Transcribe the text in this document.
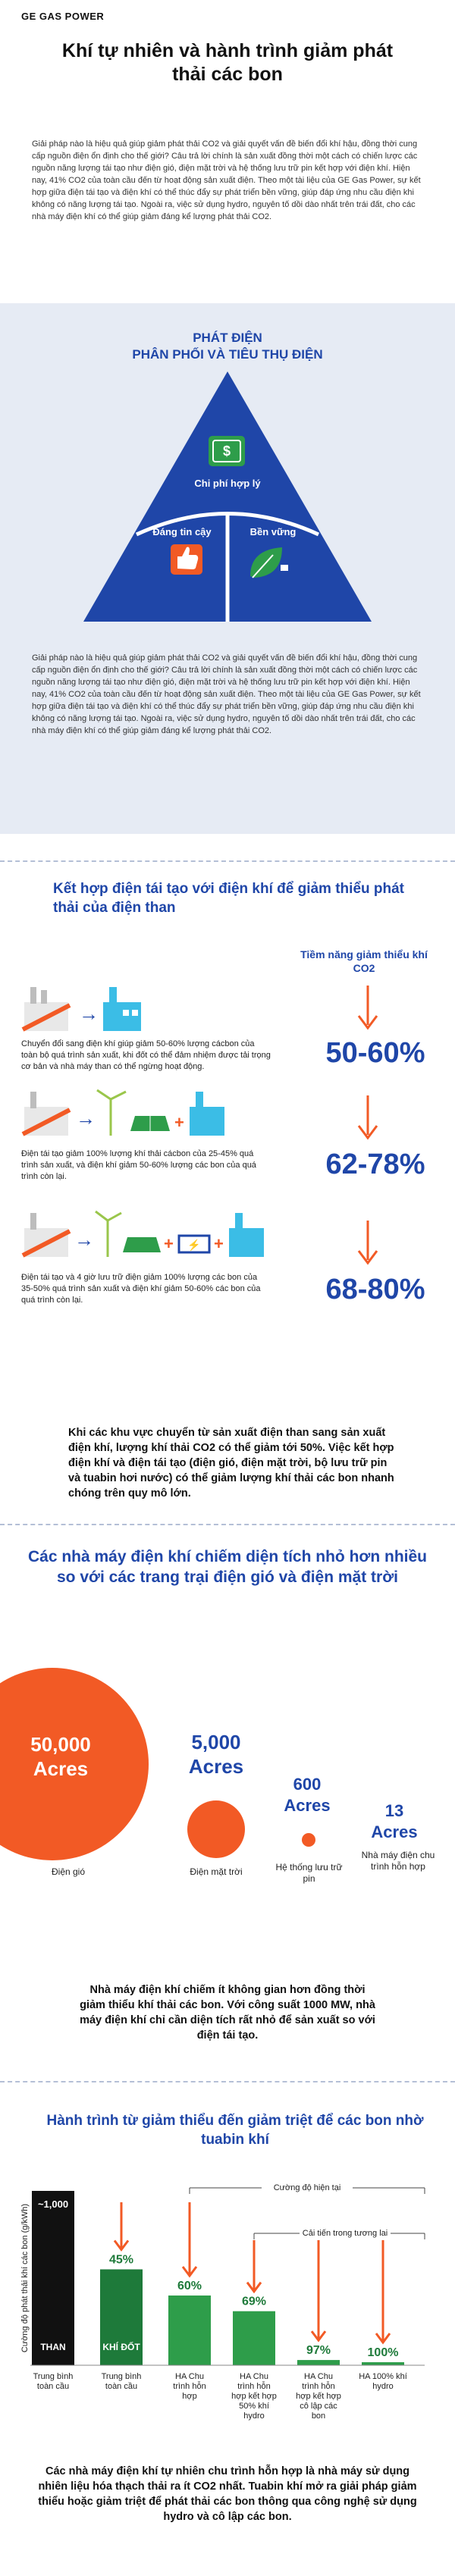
GE GAS POWER
Khí tự nhiên và hành trình giảm phát thải các bon
Giải pháp nào là hiệu quả giúp giảm phát thải CO2 và giải quyết vấn đề biến đổi khí hậu, đồng thời cung cấp nguồn điện ổn định cho thế giới? Câu trả lời chính là sản xuất đồng thời một cách có chiến lược các nguồn năng lượng tái tạo như điện gió, điện mặt trời và hệ thống lưu trữ pin kết hợp với điện khí. Hiện nay, 41% CO2 của toàn cầu đến từ hoạt động sản xuất điện. Theo một tài liệu của GE Gas Power, sự kết hợp giữa điện tái tạo và điện khí có thể thúc đẩy sự phát triển bền vững, giúp đáp ứng nhu cầu điện khi không có năng lượng tái tạo. Ngoài ra, việc sử dụng hydro, nguyên tố dồi dào nhất trên trái đất, cho các nhà máy điện khí có thể giúp giảm đáng kể lượng phát thải CO2.
PHÁT ĐIỆN
PHÂN PHỐI VÀ TIÊU THỤ ĐIỆN
$
Chi phí hợp lý
Đáng tin cậy	Bền vững
Giải pháp nào là hiệu quả giúp giảm phát thải CO2 và giải quyết vấn đề biến đổi khí hậu, đồng thời cung cấp nguồn điện ổn định cho thế giới? Câu trả lời chính là sản xuất đồng thời một cách có chiến lược các nguồn năng lượng tái tạo như điện gió, điện mặt trời và hệ thống lưu trữ pin kết hợp với điện khí. Hiện nay, 41% CO2 của toàn cầu đến từ hoạt động sản xuất điện. Theo một tài liệu của GE Gas Power, sự kết hợp giữa điện tái tạo và điện khí có thể thúc đẩy sự phát triển bền vững, giúp đáp ứng nhu cầu điện khi không có năng lượng tái tạo. Ngoài ra, việc sử dụng hydro, nguyên tố dồi dào nhất trên trái đất, cho các nhà máy điện khí có thể giúp giảm đáng kể lượng phát thải CO2.
Kết hợp điện tái tạo với điện khí để giảm thiểu phát thải của điện than
Tiềm năng giảm thiểu khí CO2
→
Chuyển đổi sang điện khí giúp giảm 50-60% lượng cácbon của toàn bộ quá trình sản xuất, khi đốt có thể đảm nhiệm được tải trọng cơ bản và nhà máy than có thể ngừng hoạt động.	50-60%
→	+
Điện tái tạo giảm 100% lượng khí thải cácbon của 25-45% quá trình sản xuất, và điện khí giảm 50-60% lượng các bon của quá trình còn lại.	62-78%
→	+ ⚡ +
Điện tái tạo và 4 giờ lưu trữ điện giảm 100% lượng các bon của 35-50% quá trình sản xuất và điện khí giảm 50-60% các bon của quá trình còn lại.	68-80%
Khi các khu vực chuyển từ sản xuất điện than sang sản xuất điện khí, lượng khí thải CO2 có thể giảm tới 50%. Việc kết hợp điện khí và điện tái tạo (điện gió, điện mặt trời, bộ lưu trữ pin và tuabin hơi nước) có thể giảm lượng khí thải các bon nhanh chóng trên quy mô lớn.
Các nhà máy điện khí chiếm diện tích nhỏ hơn nhiều so với các trang trại điện gió và điện mặt trời
50,000
Acres
Điện gió
5,000
Acres
Điện mặt trời
600
Acres
Hệ thống lưu trữ pin
13
Acres
Nhà máy điện chu trình hỗn hợp
Nhà máy điện khí chiếm ít không gian hơn đồng thời giảm thiểu khí thải các bon. Với công suất 1000 MW, nhà máy điện khí chỉ cần diện tích rất nhỏ để sản xuất so với điện tái tạo.
Hành trình từ giảm thiểu đến giảm triệt để các bon nhờ tuabin khí
Cường độ phát thải khí các bon (g/kWh)
Cường độ hiện tại
Cải tiến trong tương lai
THAN
~1,000
Trung bình
toàn cầu
KHÍ ĐỐT
45%
Trung bình
toàn cầu
60%
HA Chu
trình hỗn
hợp
69%
HA Chu
trình hỗn
hợp kết hợp
50% khí
hydro
97%
HA Chu
trình hỗn
hợp kết hợp
cô lập các
bon
100%
HA 100% khí
hydro
Các nhà máy điện khí tự nhiên chu trình hỗn hợp là nhà máy sử dụng nhiên liệu hóa thạch thải ra ít CO2 nhất. Tuabin khí mở ra giải pháp giảm thiểu hoặc giảm triệt để phát thải các bon thông qua công nghệ sử dụng hydro và cô lập các bon.
